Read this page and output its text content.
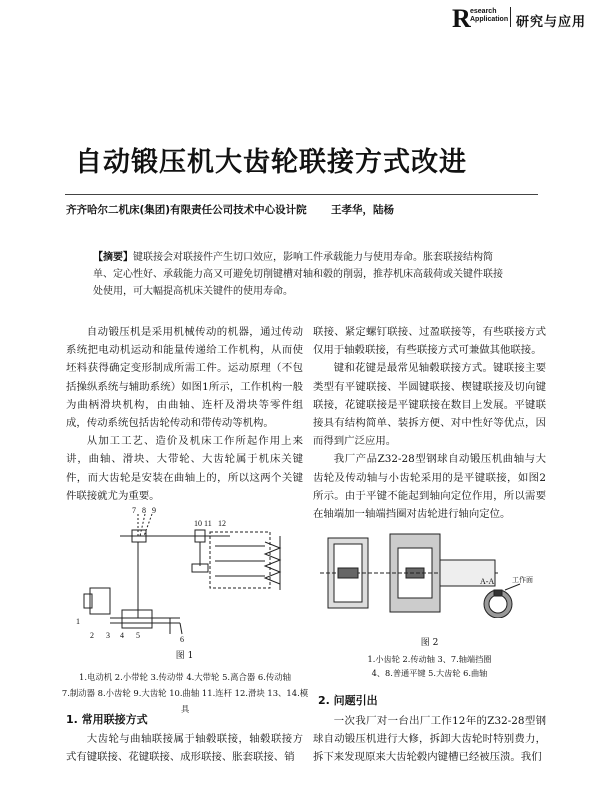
R esearch
Application 研究与应用
自动锻压机大齿轮联接方式改进
齐齐哈尔二机床(集团)有限责任公司技术中心设计院 王孝华，陆杨
【摘要】键联接会对联接件产生切口效应，影响工件承载能力与使用寿命。胀套联接结构简单、定心性好、承载能力高又可避免切削键槽对轴和毂的削弱，推荐机床高载荷或关键件联接处使用，可大幅提高机床关键件的使用寿命。

自动锻压机是采用机械传动的机器，通过传动系统把电动机运动和能量传递给工作机构，从而使坯料获得确定变形制成所需工件。运动原理（不包括操纵系统与辅助系统）如图1所示，工作机构一般为曲柄滑块机构，由曲轴、连杆及滑块等零件组成，传动系统包括齿轮传动和带传动等机构。

从加工工艺、造价及机床工作所起作用上来讲，曲轴、滑块、大带轮、大齿轮属于机床关键件，而大齿轮是安装在曲轴上的，所以这两个关键件联接就尤为重要。

7 8 9
10 11 12
1
2 3 4 5	6
图 1
1.电动机 2.小带轮 3.传动带 4.大带轮 5.离合器 6.传动轴
7.制动器 8.小齿轮 9.大齿轮 10.曲轴 11.连杆 12.滑块 13、14.模具
1. 常用联接方式

大齿轮与曲轴联接属于轴毂联接，轴毂联接方式有键联接、花键联接、成形联接、胀套联接、销

联接、紧定螺钉联接、过盈联接等，有些联接方式仅用于轴毂联接，有些联接方式可兼做其他联接。

键和花键是最常见轴毂联接方式。键联接主要类型有平键联接、半圆键联接、楔键联接及切向键联接，花键联接是平键联接在数目上发展。平键联接具有结构简单、装拆方便、对中性好等优点，因而得到广泛应用。

我厂产品Z32-28型钢球自动锻压机曲轴与大齿轮及传动轴与小齿轮采用的是平键联接，如图2所示。由于平键不能起到轴向定位作用，所以需要在轴端加一轴端挡圈对齿轮进行轴向定位。

A-A	工作面
图 2
1.小齿轮 2.传动轴 3、7.轴端挡圈
4、8.普通平键 5.大齿轮 6.曲轴
2. 问题引出

一次我厂对一台出厂工作12年的Z32-28型钢球自动锻压机进行大修，拆卸大齿轮时特别费力，拆下来发现原来大齿轮毂内键槽已经被压溃。我们
